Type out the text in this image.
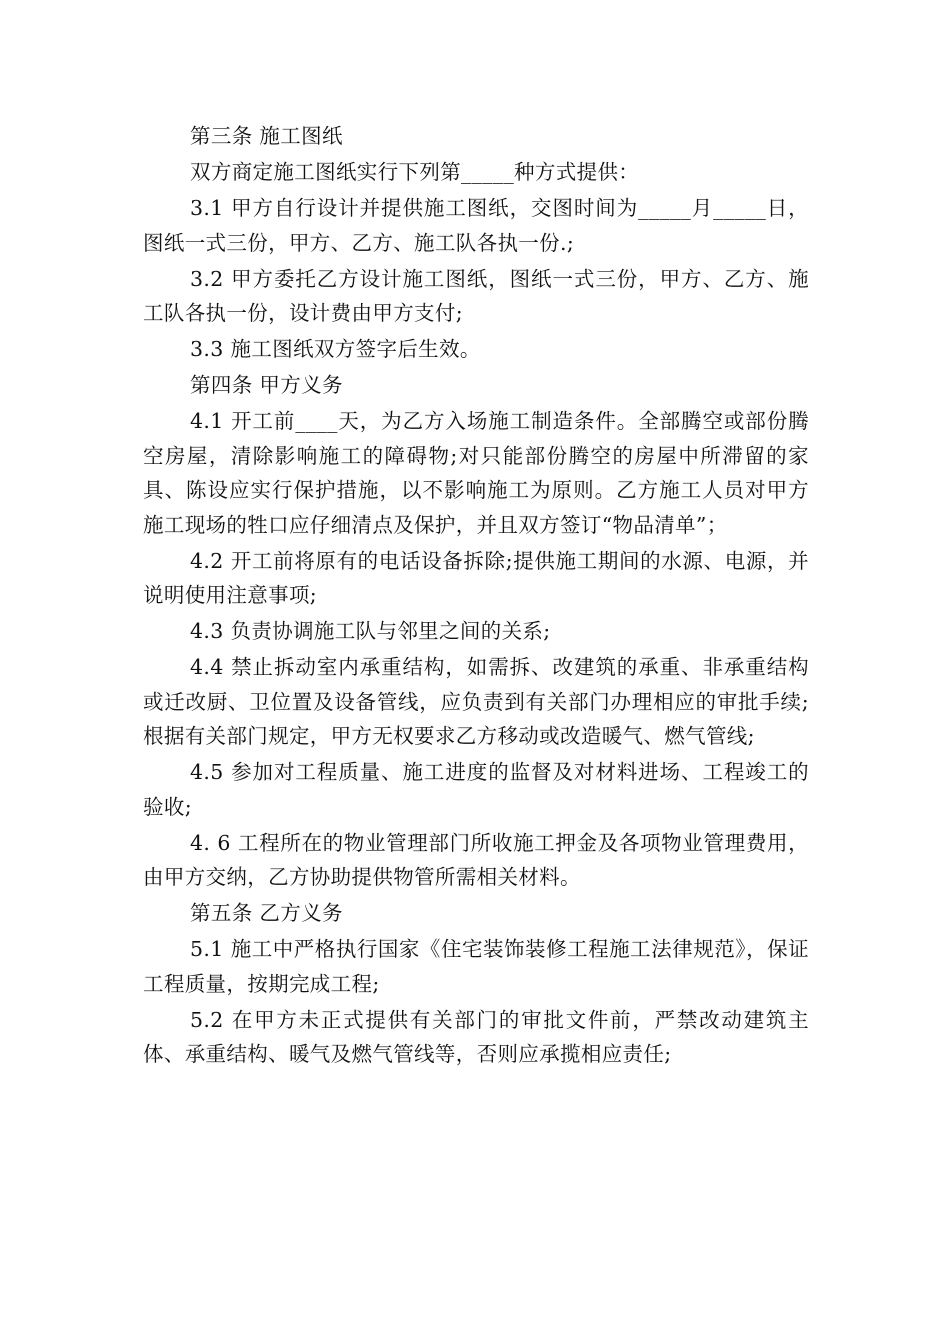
第三条 施工图纸

双方商定施工图纸实行下列第_____种方式提供：

3.1 甲方自行设计并提供施工图纸，交图时间为_____月_____日，图纸一式三份，甲方、乙方、施工队各执一份.;

3.2 甲方委托乙方设计施工图纸，图纸一式三份，甲方、乙方、施工队各执一份，设计费由甲方支付;

3.3 施工图纸双方签字后生效。

第四条 甲方义务

4.1 开工前____天，为乙方入场施工制造条件。全部腾空或部份腾空房屋，清除影响施工的障碍物;对只能部份腾空的房屋中所滞留的家具、陈设应实行保护措施，以不影响施工为原则。乙方施工人员对甲方施工现场的牲口应仔细清点及保护，并且双方签订“物品清单”；

4.2 开工前将原有的电话设备拆除;提供施工期间的水源、电源，并说明使用注意事项;

4.3 负责协调施工队与邻里之间的关系;

4.4 禁止拆动室内承重结构，如需拆、改建筑的承重、非承重结构或迁改厨、卫位置及设备管线，应负责到有关部门办理相应的审批手续;根据有关部门规定，甲方无权要求乙方移动或改造暖气、燃气管线;

4.5 参加对工程质量、施工进度的监督及对材料进场、工程竣工的验收;

4. 6 工程所在的物业管理部门所收施工押金及各项物业管理费用，由甲方交纳，乙方协助提供物管所需相关材料。

第五条 乙方义务

5.1 施工中严格执行国家《住宅装饰装修工程施工法律规范》，保证工程质量，按期完成工程;

5.2 在甲方未正式提供有关部门的审批文件前，严禁改动建筑主体、承重结构、暖气及燃气管线等，否则应承揽相应责任;
